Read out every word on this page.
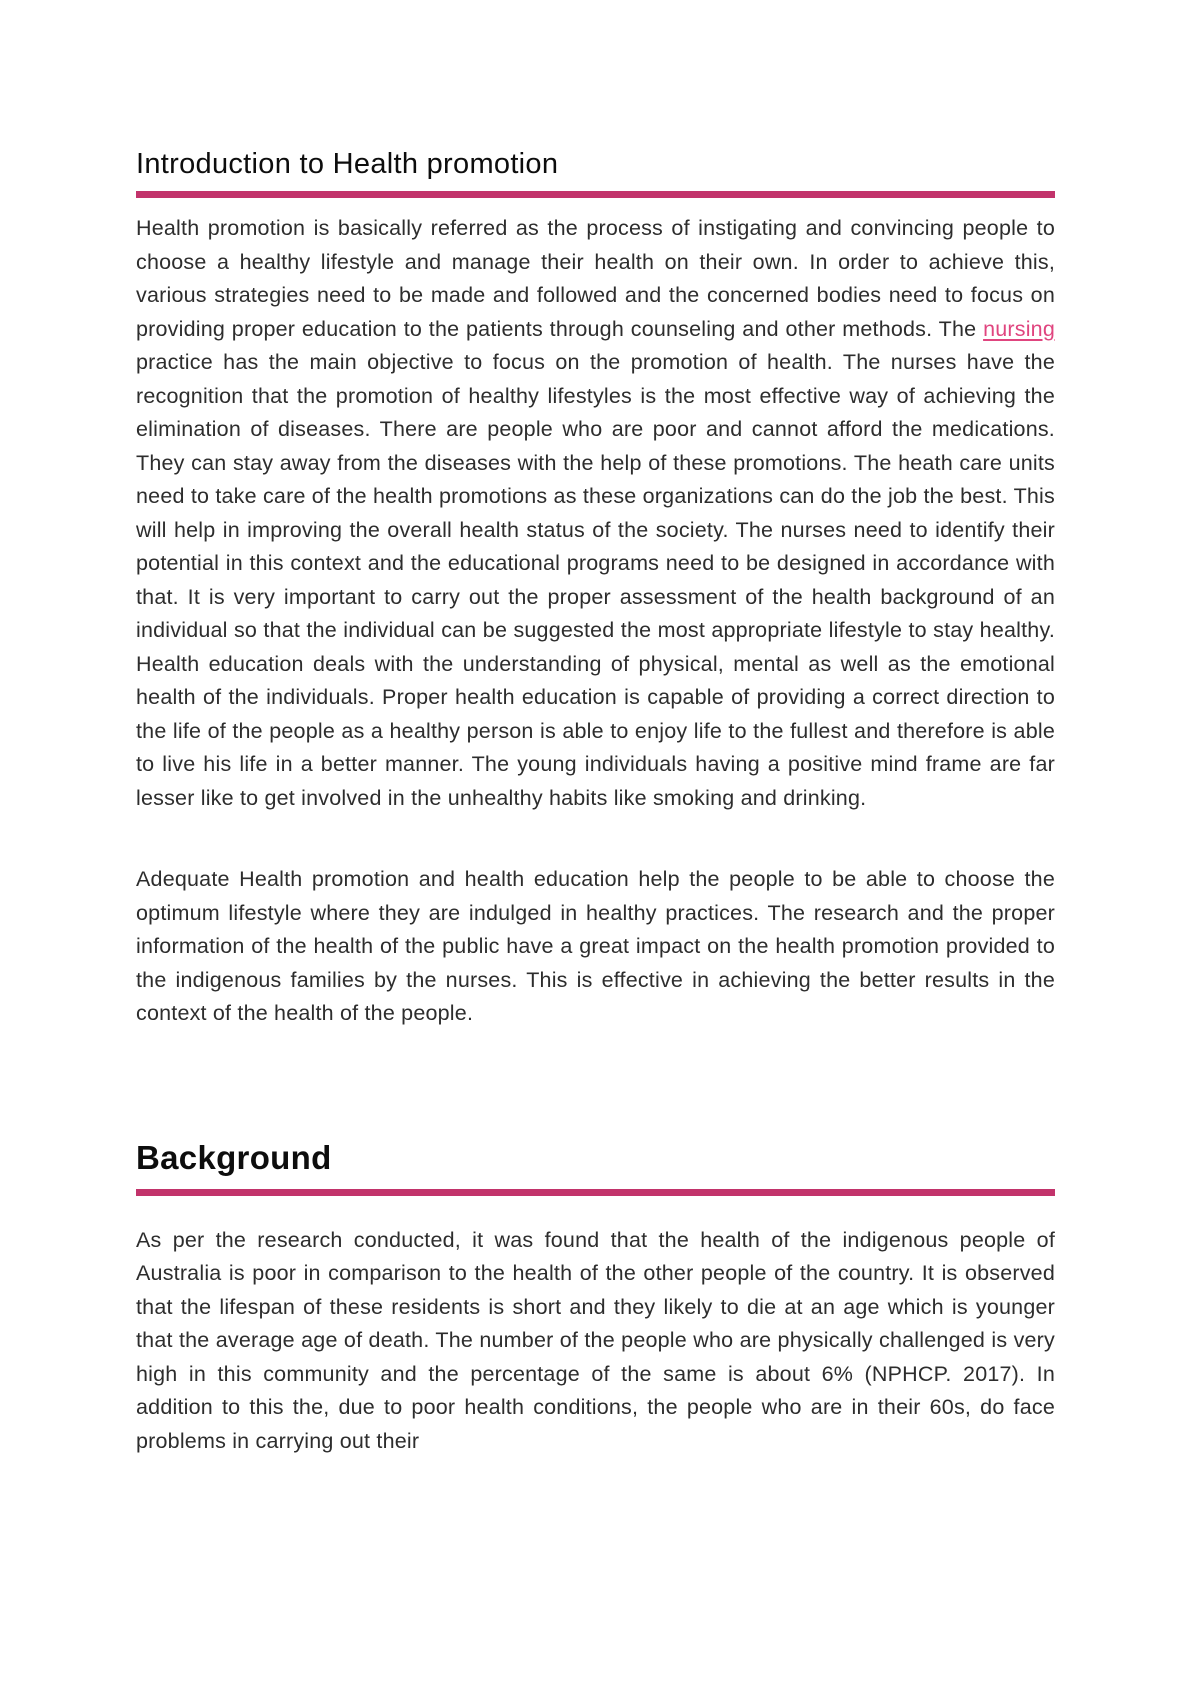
Introduction to Health promotion

Health promotion is basically referred as the process of instigating and convincing people to choose a healthy lifestyle and manage their health on their own. In order to achieve this, various strategies need to be made and followed and the concerned bodies need to focus on providing proper education to the patients through counseling and other methods. The nursing practice has the main objective to focus on the promotion of health. The nurses have the recognition that the promotion of healthy lifestyles is the most effective way of achieving the elimination of diseases. There are people who are poor and cannot afford the medications. They can stay away from the diseases with the help of these promotions. The heath care units need to take care of the health promotions as these organizations can do the job the best. This will help in improving the overall health status of the society. The nurses need to identify their potential in this context and the educational programs need to be designed in accordance with that. It is very important to carry out the proper assessment of the health background of an individual so that the individual can be suggested the most appropriate lifestyle to stay healthy. Health education deals with the understanding of physical, mental as well as the emotional health of the individuals. Proper health education is capable of providing a correct direction to the life of the people as a healthy person is able to enjoy life to the fullest and therefore is able to live his life in a better manner. The young individuals having a positive mind frame are far lesser like to get involved in the unhealthy habits like smoking and drinking.

Adequate Health promotion and health education help the people to be able to choose the optimum lifestyle where they are indulged in healthy practices. The research and the proper information of the health of the public have a great impact on the health promotion provided to the indigenous families by the nurses. This is effective in achieving the better results in the context of the health of the people.

Background

As per the research conducted, it was found that the health of the indigenous people of Australia is poor in comparison to the health of the other people of the country. It is observed that the lifespan of these residents is short and they likely to die at an age which is younger that the average age of death. The number of the people who are physically challenged is very high in this community and the percentage of the same is about 6% (NPHCP. 2017). In addition to this the, due to poor health conditions, the people who are in their 60s, do face problems in carrying out their
